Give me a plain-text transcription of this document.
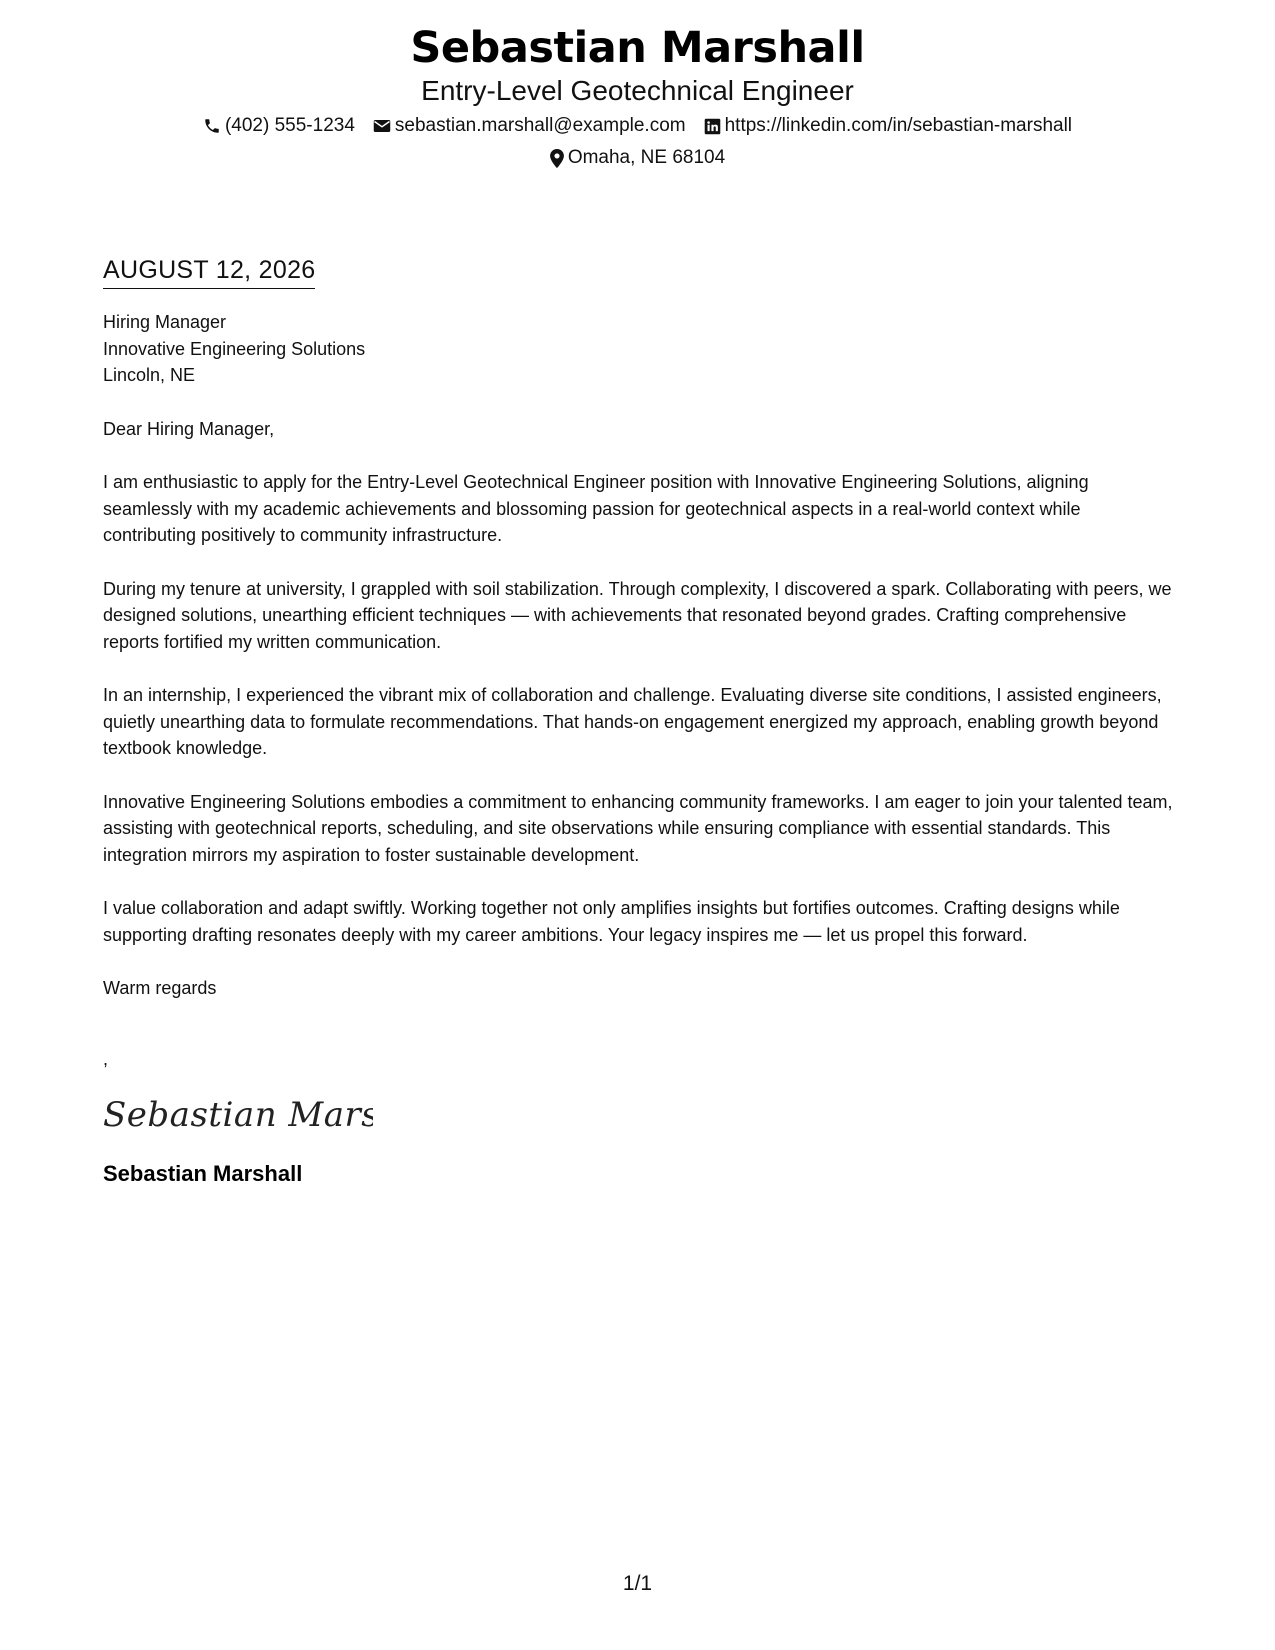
Sebastian Marshall
Entry-Level Geotechnical Engineer
(402) 555-1234 sebastian.marshall@example.com https://linkedin.com/in/sebastian-marshall
Omaha, NE 68104
AUGUST 12, 2026
Hiring Manager
Innovative Engineering Solutions
Lincoln, NE
Dear Hiring Manager,
I am enthusiastic to apply for the Entry-Level Geotechnical Engineer position with Innovative Engineering Solutions, aligning seamlessly with my academic achievements and blossoming passion for geotechnical aspects in a real-world context while contributing positively to community infrastructure.
During my tenure at university, I grappled with soil stabilization. Through complexity, I discovered a spark. Collaborating with peers, we designed solutions, unearthing efficient techniques — with achievements that resonated beyond grades. Crafting comprehensive reports fortified my written communication.
In an internship, I experienced the vibrant mix of collaboration and challenge. Evaluating diverse site conditions, I assisted engineers, quietly unearthing data to formulate recommendations. That hands-on engagement energized my approach, enabling growth beyond textbook knowledge.
Innovative Engineering Solutions embodies a commitment to enhancing community frameworks. I am eager to join your talented team, assisting with geotechnical reports, scheduling, and site observations while ensuring compliance with essential standards. This integration mirrors my aspiration to foster sustainable development.
I value collaboration and adapt swiftly. Working together not only amplifies insights but fortifies outcomes. Crafting designs while supporting drafting resonates deeply with my career ambitions. Your legacy inspires me — let us propel this forward.
Warm regards
,
Sebastian Marsh
Sebastian Marshall
1/1
